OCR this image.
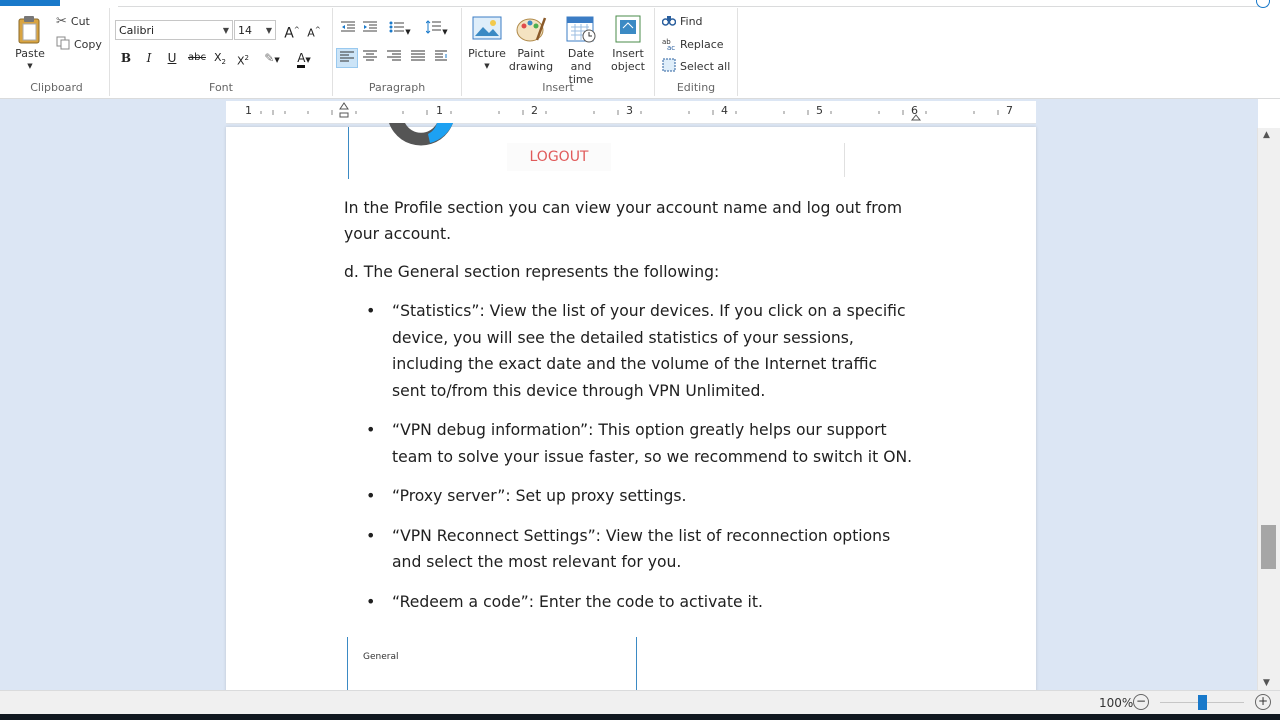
Paste
▼
✂ Cut
Copy
Clipboard
Calibri	▼ 14 ▼ A^ A^
B	I	U	abc $X_2$ $X^2$	✎▼	A▼
Font
▼	▼
Paragraph
Picture
▼
Paint
drawing
Date and
time
Insert
object
Insert
Find
ab
ac Replace
Select all
Editing
1	1	2	3	4	5	6	7
LOGOUT

In the Profile section you can view your account name and log out from your account.

d. The General section represents the following:

• “Statistics”: View the list of your devices. If you click on a specific device, you will see the detailed statistics of your sessions, including the exact date and the volume of the Internet traffic sent to/from this device through VPN Unlimited.
• “VPN debug information”: This option greatly helps our support team to solve your issue faster, so we recommend to switch it ON.
• “Proxy server”: Set up proxy settings.
• “VPN Reconnect Settings”: View the list of reconnection options and select the most relevant for you.
• “Redeem a code”: Enter the code to activate it.
General
▲
▼
100% −	+
